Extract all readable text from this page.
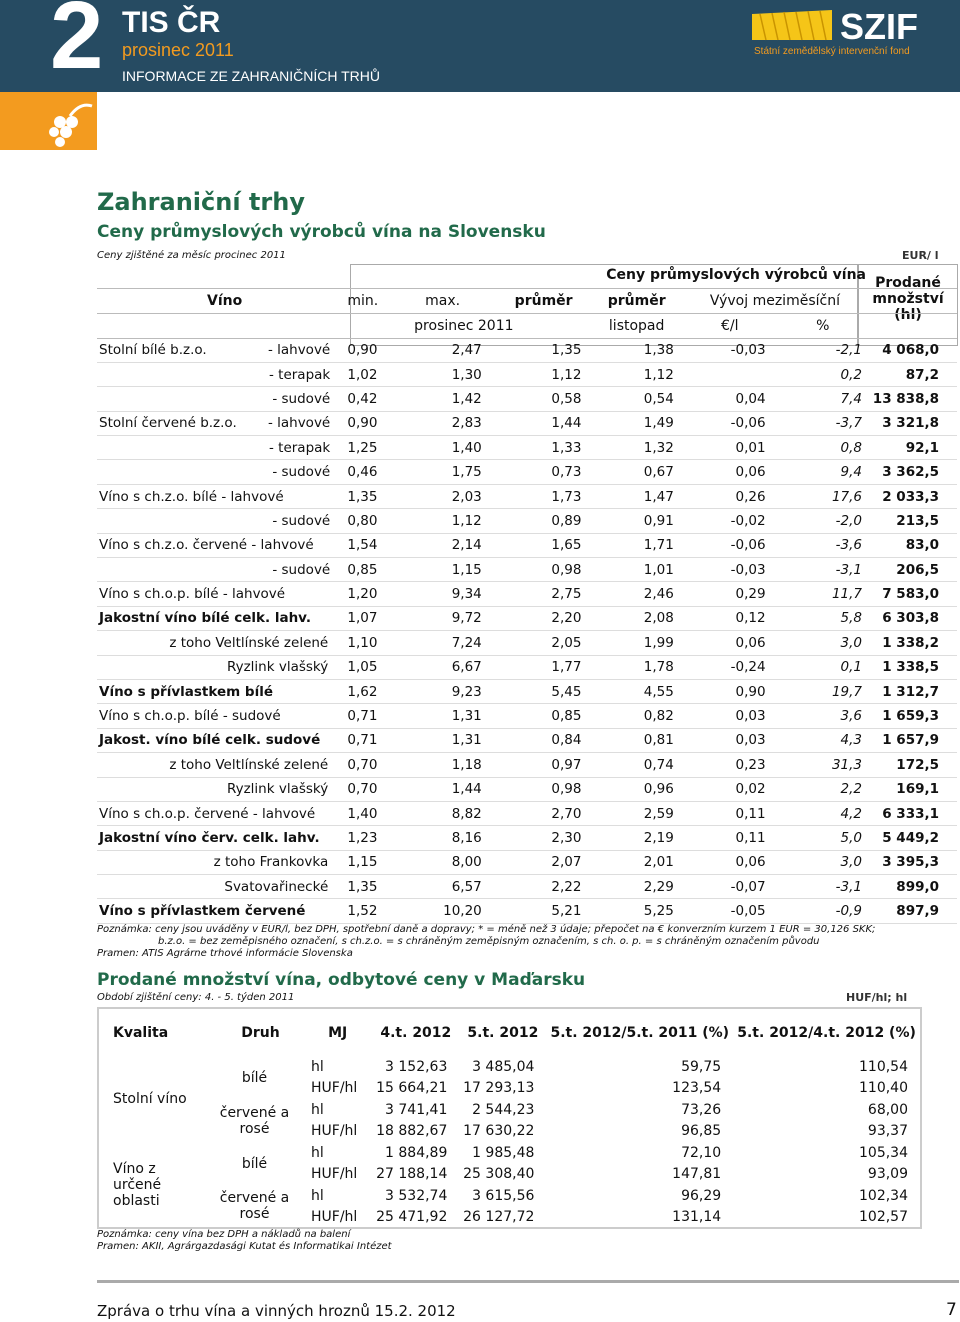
2 TIS ČR
prosinec 2011
INFORMACE ZE ZAHRANIČNÍCH TRHŮ
SZIF
Státní zemědělský intervenční fond
Zahraniční trhy
Ceny průmyslových výrobců vína na Slovensku
Ceny zjištěné za měsíc procinec 2011	EUR/ l
Prodané množství (hl)
		Ceny průmyslových výrobců vína						
Víno		min.	max.	průměr	průměr	Vývoj meziměsíční		
		prosinec 2011			listopad	€/l	%	
Stolní bílé b.z.o.	- lahvové	0,90	2,47	1,35	1,38	-0,03	-2,1	4 068,0
	- terapak	1,02	1,30	1,12	1,12		0,2	87,2
	- sudové	0,42	1,42	0,58	0,54	0,04	7,4	13 838,8
Stolní červené b.z.o.	- lahvové	0,90	2,83	1,44	1,49	-0,06	-3,7	3 321,8
	- terapak	1,25	1,40	1,33	1,32	0,01	0,8	92,1
	- sudové	0,46	1,75	0,73	0,67	0,06	9,4	3 362,5
Víno s ch.z.o. bílé - lahvové		1,35	2,03	1,73	1,47	0,26	17,6	2 033,3
	- sudové	0,80	1,12	0,89	0,91	-0,02	-2,0	213,5
Víno s ch.z.o. červené - lahvové		1,54	2,14	1,65	1,71	-0,06	-3,6	83,0
	- sudové	0,85	1,15	0,98	1,01	-0,03	-3,1	206,5
Víno s ch.o.p. bílé - lahvové		1,20	9,34	2,75	2,46	0,29	11,7	7 583,0
Jakostní víno bílé celk. lahv.		1,07	9,72	2,20	2,08	0,12	5,8	6 303,8
z toho Veltlínské zelené		1,10	7,24	2,05	1,99	0,06	3,0	1 338,2
Ryzlink vlašský		1,05	6,67	1,77	1,78	-0,24	0,1	1 338,5
Víno s přívlastkem bílé		1,62	9,23	5,45	4,55	0,90	19,7	1 312,7
Víno s ch.o.p. bílé - sudové		0,71	1,31	0,85	0,82	0,03	3,6	1 659,3
Jakost. víno bílé celk. sudové		0,71	1,31	0,84	0,81	0,03	4,3	1 657,9
z toho Veltlínské zelené		0,70	1,18	0,97	0,74	0,23	31,3	172,5
Ryzlink vlašský		0,70	1,44	0,98	0,96	0,02	2,2	169,1
Víno s ch.o.p. červené - lahvové		1,40	8,82	2,70	2,59	0,11	4,2	6 333,1
Jakostní víno červ. celk. lahv.		1,23	8,16	2,30	2,19	0,11	5,0	5 449,2
z toho Frankovka		1,15	8,00	2,07	2,01	0,06	3,0	3 395,3
Svatovařinecké		1,35	6,57	2,22	2,29	-0,07	-3,1	899,0
Víno s přívlastkem červené		1,52	10,20	5,21	5,25	-0,05	-0,9	897,9
Poznámka: ceny jsou uváděny v EUR/l, bez DPH, spotřební daně a dopravy; * = méně než 3 údaje; přepočet na € konverzním kurzem 1 EUR = 30,126 SKK;
b.z.o. = bez zeměpisného označení, s ch.z.o. = s chráněným zeměpisným označením, s ch. o. p. = s chráněným označením původu
Pramen: ATIS Agrárne trhové informácie Slovenska
Prodané množství vína, odbytové ceny v Maďarsku
Období zjištění ceny: 4. - 5. týden 2011	HUF/hl; hl
Kvalita	Druh	MJ	4.t. 2012	5.t. 2012	5.t. 2012/5.t. 2011 (%)	5.t. 2012/4.t. 2012 (%)
Stolní víno	bílé	hl	3 152,63	3 485,04	59,75	110,54
		HUF/hl	15 664,21	17 293,13	123,54	110,40
	červené a rosé	hl	3 741,41	2 544,23	73,26	68,00
		HUF/hl	18 882,67	17 630,22	96,85	93,37
Víno z určené oblasti	bílé	hl	1 884,89	1 985,48	72,10	105,34
		HUF/hl	27 188,14	25 308,40	147,81	93,09
	červené a rosé	hl	3 532,74	3 615,56	96,29	102,34
		HUF/hl	25 471,92	26 127,72	131,14	102,57
Poznámka: ceny vína bez DPH a nákladů na balení
Pramen: AKII, Agrárgazdasági Kutat és Informatikai Intézet
Zpráva o trhu vína a vinných hroznů 15.2. 2012	7
